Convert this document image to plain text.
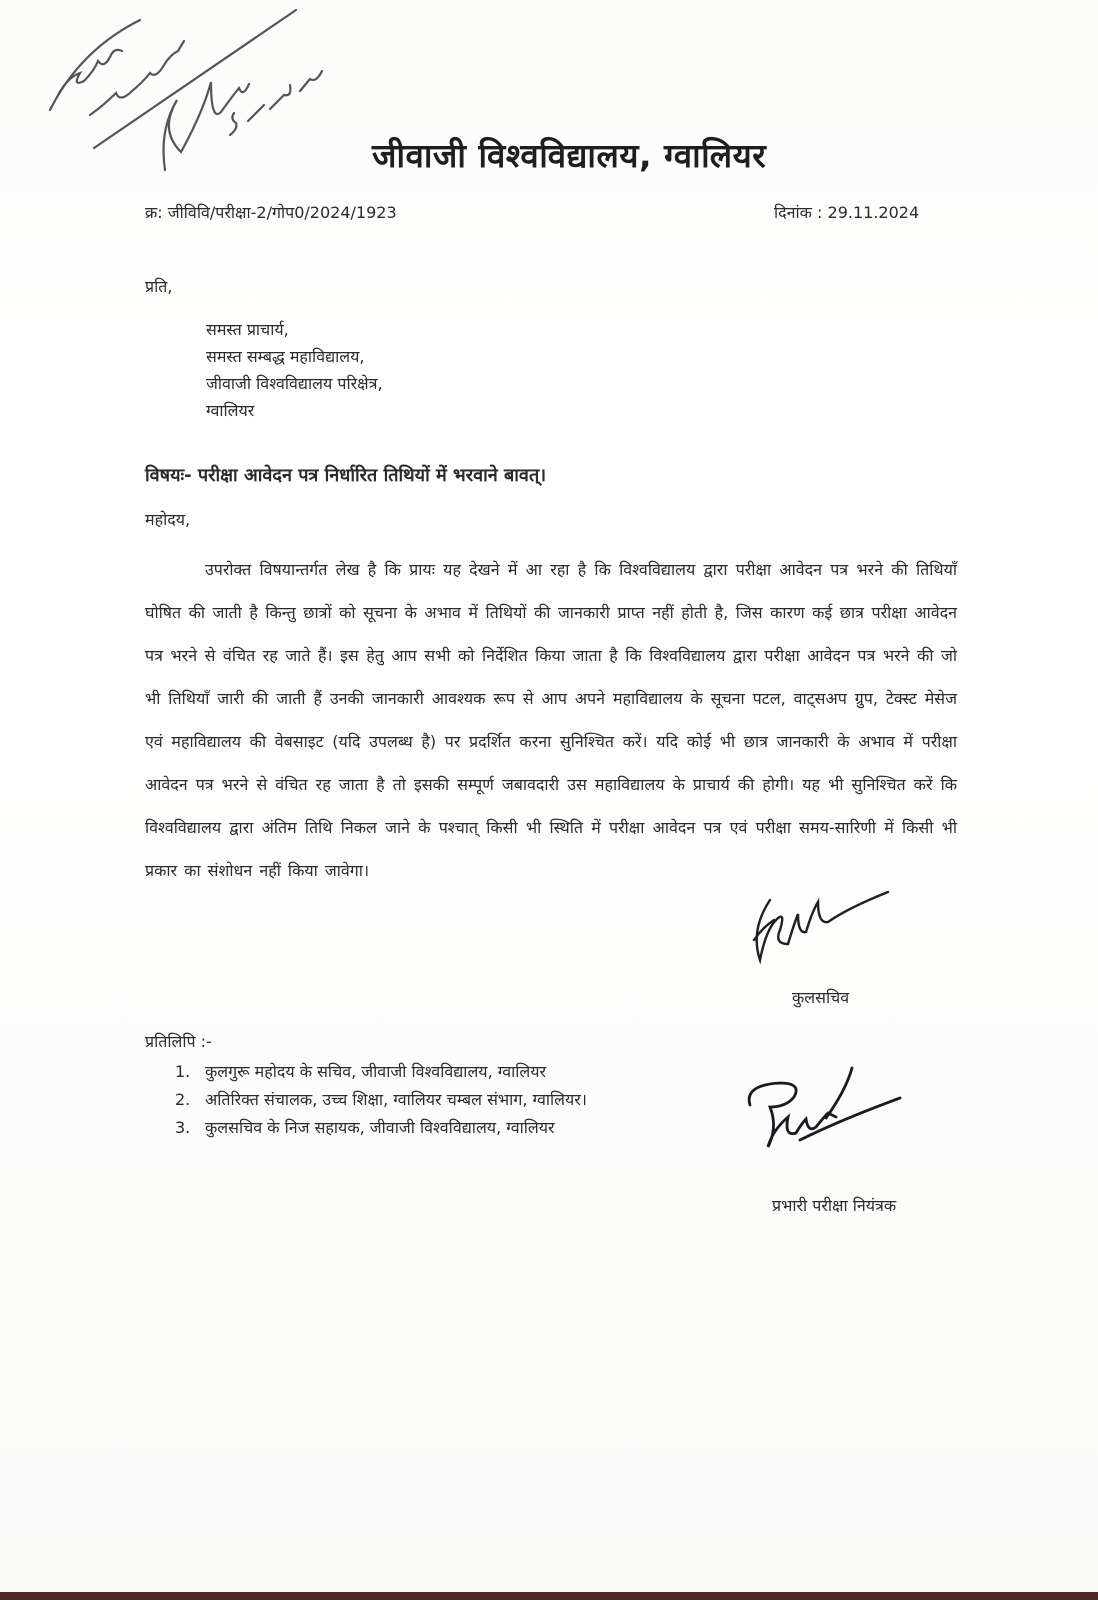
जीवाजी विश्वविद्यालय, ग्वालियर
क्र: जीविवि/परीक्षा-2/गोप0/2024/1923	दिनांक : 29.11.2024
प्रति,
समस्त प्राचार्य,
समस्त सम्बद्ध महाविद्यालय,
जीवाजी विश्वविद्यालय परिक्षेत्र,
ग्वालियर
विषयः- परीक्षा आवेदन पत्र निर्धारित तिथियों में भरवाने बावत्।
महोदय,
उपरोक्त विषयान्तर्गत लेख है कि प्रायः यह देखने में आ रहा है कि विश्वविद्यालय द्वारा परीक्षा आवेदन पत्र भरने की तिथियाँ घोषित की जाती है किन्तु छात्रों को सूचना के अभाव में तिथियों की जानकारी प्राप्त नहीं होती है, जिस कारण कई छात्र परीक्षा आवेदन पत्र भरने से वंचित रह जाते हैं। इस हेतु आप सभी को निर्देशित किया जाता है कि विश्वविद्यालय द्वारा परीक्षा आवेदन पत्र भरने की जो भी तिथियाँ जारी की जाती हैं उनकी जानकारी आवश्यक रूप से आप अपने महाविद्यालय के सूचना पटल, वाट्सअप ग्रुप, टेक्स्ट मेसेज एवं महाविद्यालय की वेबसाइट (यदि उपलब्ध है) पर प्रदर्शित करना सुनिश्चित करें। यदि कोई भी छात्र जानकारी के अभाव में परीक्षा आवेदन पत्र भरने से वंचित रह जाता है तो इसकी सम्पूर्ण जबावदारी उस महाविद्यालय के प्राचार्य की होगी। यह भी सुनिश्चित करें कि विश्वविद्यालय द्वारा अंतिम तिथि निकल जाने के पश्चात् किसी भी स्थिति में परीक्षा आवेदन पत्र एवं परीक्षा समय-सारिणी में किसी भी प्रकार का संशोधन नहीं किया जावेगा।
कुलसचिव
प्रभारी परीक्षा नियंत्रक
प्रतिलिपि :-
1. कुलगुरू महोदय के सचिव, जीवाजी विश्वविद्यालय, ग्वालियर
2. अतिरिक्त संचालक, उच्च शिक्षा, ग्वालियर चम्बल संभाग, ग्वालियर।
3. कुलसचिव के निज सहायक, जीवाजी विश्वविद्यालय, ग्वालियर
